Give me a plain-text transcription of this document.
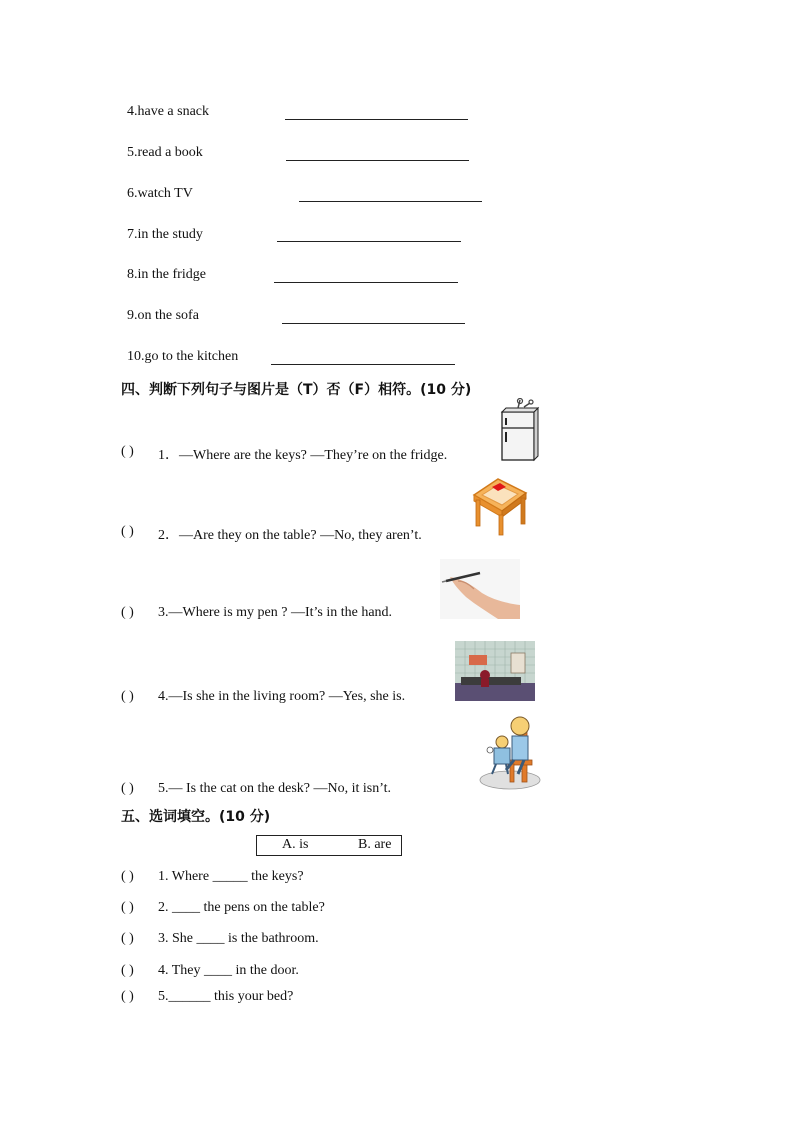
4.have a snack
5.read a book
6.watch TV
7.in the study
8.in the fridge
9.on the sofa
10.go to the kitchen
四、判断下列句子与图片是（T）否（F）相符。(10 分)
( ) 1．—Where are the keys? —They’re on the fridge.
( ) 2．—Are they on the table? —No, they aren’t.
( ) 3.—Where is my pen ? —It’s in the hand.
( ) 4.—Is she in the living room? —Yes, she is.
( ) 5.— Is the cat on the desk? —No, it isn’t.
五、选词填空。(10 分)
A. is	B. are
( ) 1. Where _____ the keys?
( ) 2. ____ the pens on the table?
( ) 3. She ____ is the bathroom.
( ) 4. They ____ in the door.
( ) 5.______ this your bed?
